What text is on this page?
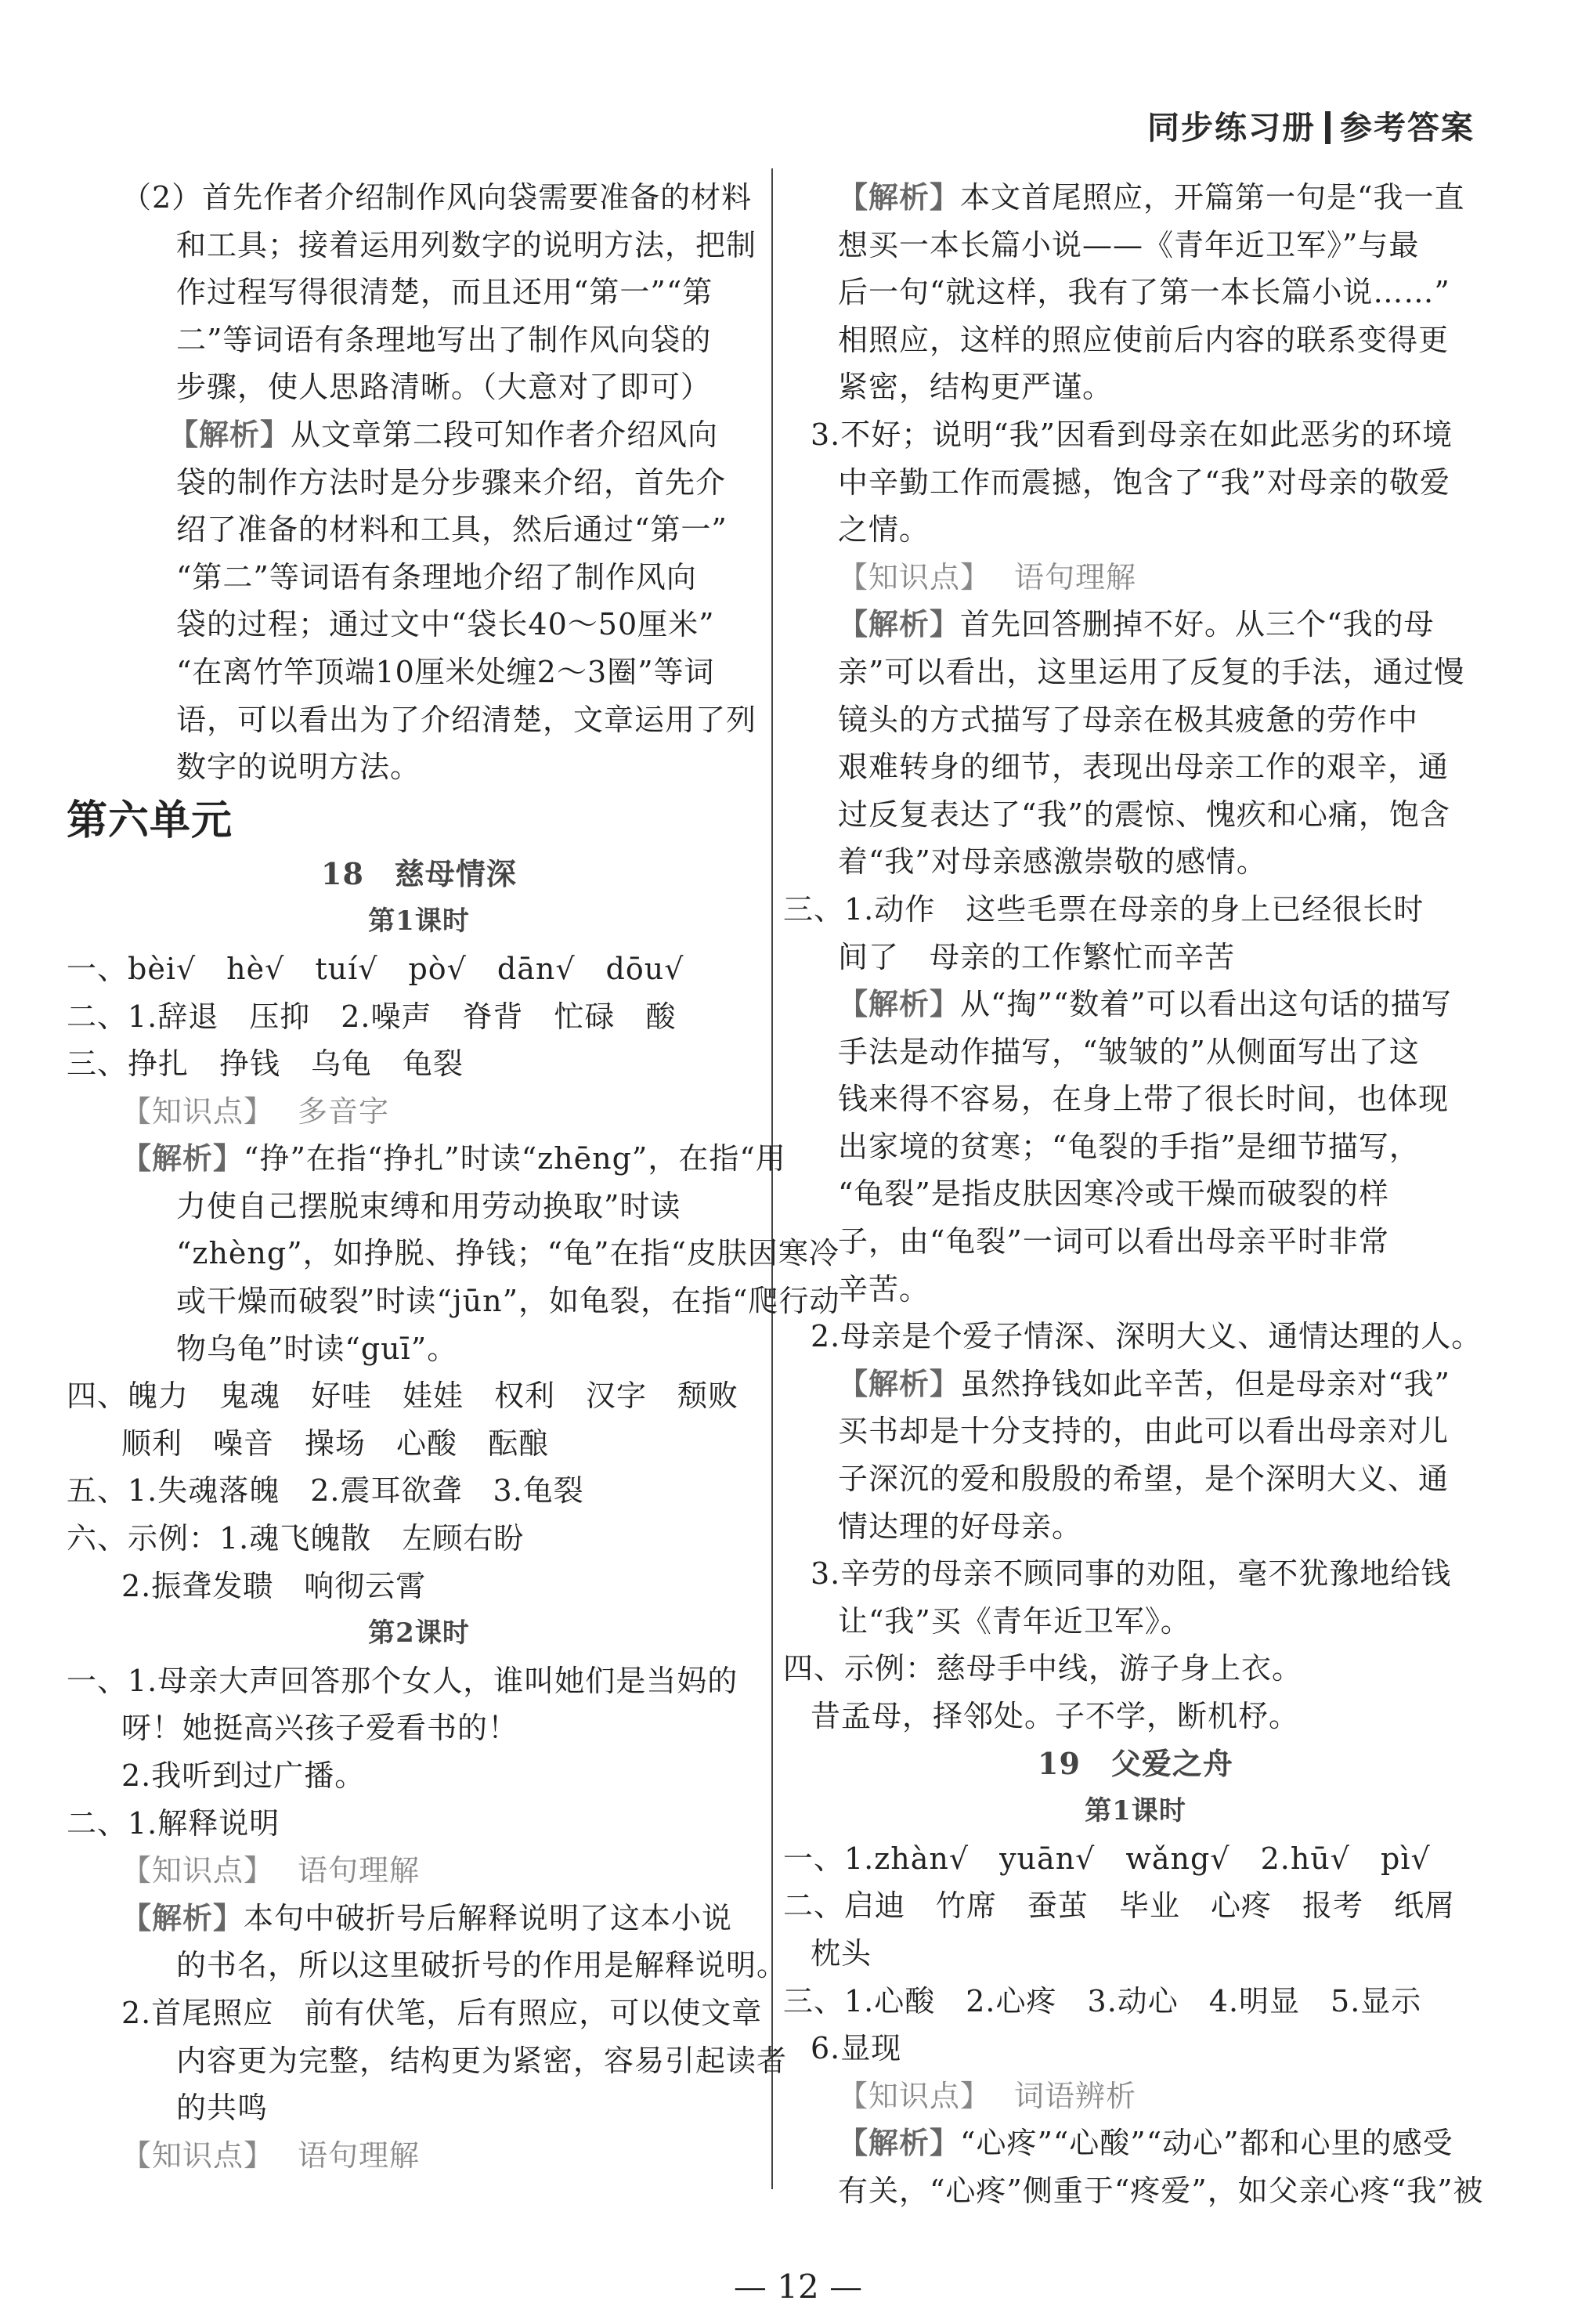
同步练习册 参考答案
（2）首先作者介绍制作风向袋需要准备的材料
和工具；接着运用列数字的说明方法，把制
作过程写得很清楚，而且还用“第一”“第
二”等词语有条理地写出了制作风向袋的
步骤，使人思路清晰。（大意对了即可）
【解析】从文章第二段可知作者介绍风向
袋的制作方法时是分步骤来介绍，首先介
绍了准备的材料和工具，然后通过“第一”
“第二”等词语有条理地介绍了制作风向
袋的过程；通过文中“袋长40～50厘米”
“在离竹竿顶端10厘米处缠2～3圈”等词
语，可以看出为了介绍清楚，文章运用了列
数字的说明方法。
第六单元
18　慈母情深
第1课时
一、bèi√　hè√　tuí√　pò√　dān√　dōu√
二、1.辞退　压抑　2.噪声　脊背　忙碌　酸
三、挣扎　挣钱　乌龟　龟裂
【知识点】 多音字
【解析】“挣”在指“挣扎”时读“zhēng”，在指“用
力使自己摆脱束缚和用劳动换取”时读
“zhèng”，如挣脱、挣钱；“龟”在指“皮肤因寒冷
或干燥而破裂”时读“jūn”，如龟裂，在指“爬行动
物乌龟”时读“guī”。
四、魄力　鬼魂　好哇　娃娃　权利　汉字　颓败
顺利　噪音　操场　心酸　酝酿
五、1.失魂落魄　2.震耳欲聋　3.龟裂
六、示例：1.魂飞魄散　左顾右盼
2.振聋发聩　响彻云霄
第2课时
一、1.母亲大声回答那个女人，谁叫她们是当妈的
呀！她挺高兴孩子爱看书的！
2.我听到过广播。
二、1.解释说明
【知识点】 语句理解
【解析】本句中破折号后解释说明了这本小说
的书名，所以这里破折号的作用是解释说明。
2.首尾照应　前有伏笔，后有照应，可以使文章
内容更为完整，结构更为紧密，容易引起读者
的共鸣
【知识点】 语句理解
【解析】本文首尾照应，开篇第一句是“我一直
想买一本长篇小说——《青年近卫军》”与最
后一句“就这样，我有了第一本长篇小说……”
相照应，这样的照应使前后内容的联系变得更
紧密，结构更严谨。
3.不好；说明“我”因看到母亲在如此恶劣的环境
中辛勤工作而震撼，饱含了“我”对母亲的敬爱
之情。
【知识点】 语句理解
【解析】首先回答删掉不好。从三个“我的母
亲”可以看出，这里运用了反复的手法，通过慢
镜头的方式描写了母亲在极其疲惫的劳作中
艰难转身的细节，表现出母亲工作的艰辛，通
过反复表达了“我”的震惊、愧疚和心痛，饱含
着“我”对母亲感激崇敬的感情。
三、1.动作　这些毛票在母亲的身上已经很长时
间了　母亲的工作繁忙而辛苦
【解析】从“掏”“数着”可以看出这句话的描写
手法是动作描写，“皱皱的”从侧面写出了这
钱来得不容易，在身上带了很长时间，也体现
出家境的贫寒；“龟裂的手指”是细节描写，
“龟裂”是指皮肤因寒冷或干燥而破裂的样
子，由“龟裂”一词可以看出母亲平时非常
辛苦。
2.母亲是个爱子情深、深明大义、通情达理的人。
【解析】虽然挣钱如此辛苦，但是母亲对“我”
买书却是十分支持的，由此可以看出母亲对儿
子深沉的爱和殷殷的希望，是个深明大义、通
情达理的好母亲。
3.辛劳的母亲不顾同事的劝阻，毫不犹豫地给钱
让“我”买《青年近卫军》。
四、示例：慈母手中线，游子身上衣。
昔孟母，择邻处。子不学，断机杼。
19　父爱之舟
第1课时
一、1.zhàn√　yuān√　wǎng√　2.hū√　pì√
二、启迪　竹席　蚕茧　毕业　心疼　报考　纸屑
枕头
三、1.心酸　2.心疼　3.动心　4.明显　5.显示
6.显现
【知识点】 词语辨析
【解析】“心疼”“心酸”“动心”都和心里的感受
有关，“心疼”侧重于“疼爱”，如父亲心疼“我”被
— 12 —
